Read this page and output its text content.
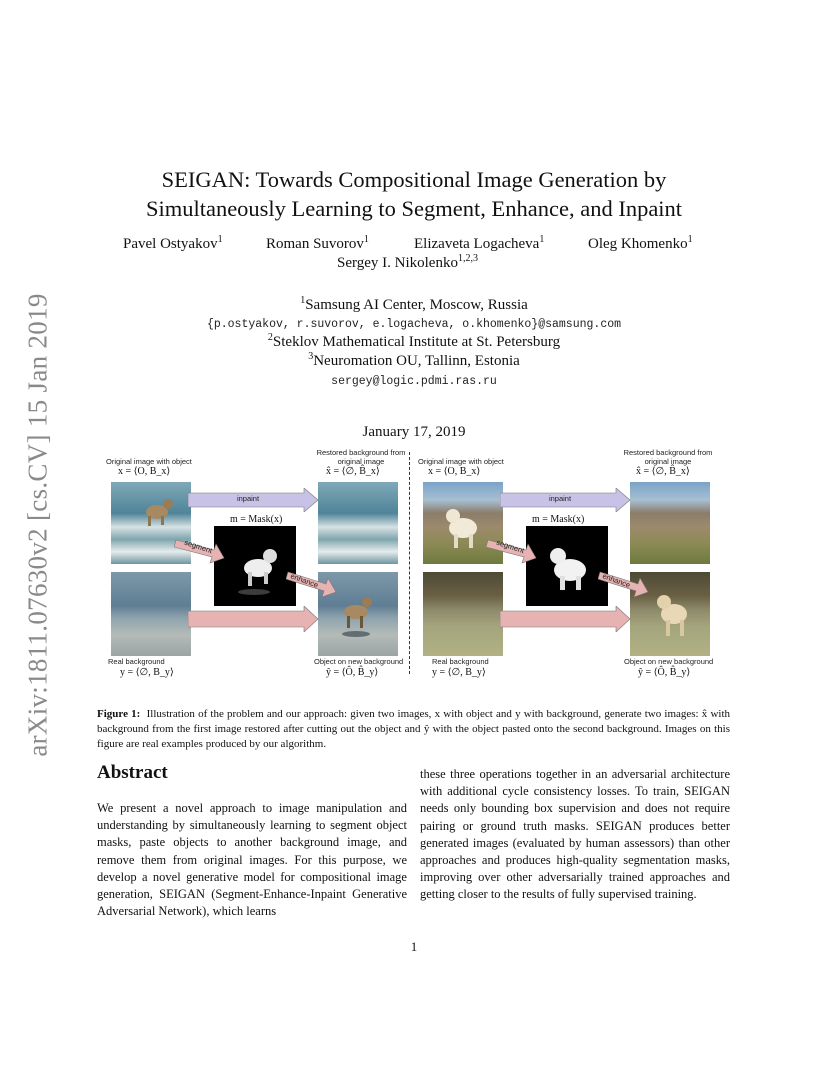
arXiv:1811.07630v2 [cs.CV] 15 Jan 2019
SEIGAN: Towards Compositional Image Generation by Simultaneously Learning to Segment, Enhance, and Inpaint
Pavel Ostyakov$^1$	Roman Suvorov$^1$	Elizaveta Logacheva$^1$	Oleg Khomenko$^1$
Sergey I. Nikolenko$^{1,2,3}$
$^1$Samsung AI Center, Moscow, Russia
{p.ostyakov, r.suvorov, e.logacheva, o.khomenko}@samsung.com
$^2$Steklov Mathematical Institute at St. Petersburg
$^3$Neuromation OU, Tallinn, Estonia
sergey@logic.pdmi.ras.ru
January 17, 2019
Original image with object
x = ⟨O, B_x⟩
Restored background from original image
x̂ = ⟨∅, B̂_x⟩
m = Mask(x)
inpaint
segment
enhance
Real background
y = ⟨∅, B_y⟩
Object on new background
ŷ = ⟨Ô, B̂_y⟩
Original image with object
x = ⟨O, B_x⟩
Restored background from original image
x̂ = ⟨∅, B̂_x⟩
m = Mask(x)
inpaint
segment
enhance
Real background
y = ⟨∅, B_y⟩
Object on new background
ŷ = ⟨Ô, B̂_y⟩
Figure 1: Illustration of the problem and our approach: given two images, x with object and y with background, generate two images: x̂ with background from the first image restored after cutting out the object and ŷ with the object pasted onto the second background. Images on this figure are real examples produced by our algorithm.
Abstract
We present a novel approach to image manipulation and understanding by simultaneously learning to segment object masks, paste objects to another background image, and remove them from original images. For this purpose, we develop a novel generative model for compositional image generation, SEIGAN (Segment-Enhance-Inpaint Generative Adversarial Network), which learns
these three operations together in an adversarial architecture with additional cycle consistency losses. To train, SEIGAN needs only bounding box supervision and does not require pairing or ground truth masks. SEIGAN produces better generated images (evaluated by human assessors) than other approaches and produces high-quality segmentation masks, improving over other adversarially trained approaches and getting closer to the results of fully supervised training.
1
